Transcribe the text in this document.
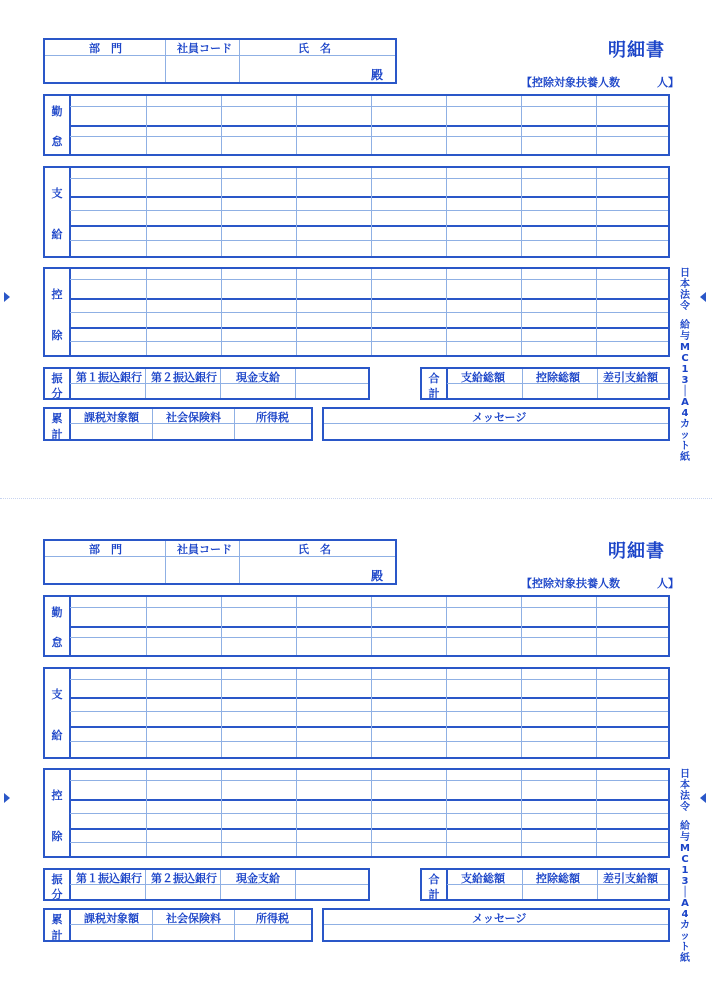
部　門	社員コード	氏　名
殿
明細書
【控除対象扶養人数	人】
勤
怠
支
給
控
除
振
分
第１振込銀行 第２振込銀行 現金支給	合
計
支給総額	控除総額 差引支給額
累
計
課税対象額 社会保険料	所得税	メッセージ
日
本
法
令
給
与
M
C
1
3
│
A
4
カ
ッ
ト
紙
部　門	社員コード	氏　名
殿
明細書
【控除対象扶養人数	人】
勤
怠
支
給
控
除
振
分
第１振込銀行 第２振込銀行 現金支給	合
計
支給総額	控除総額 差引支給額
累
計
課税対象額 社会保険料	所得税	メッセージ
日
本
法
令
給
与
M
C
1
3
│
A
4
カ
ッ
ト
紙
